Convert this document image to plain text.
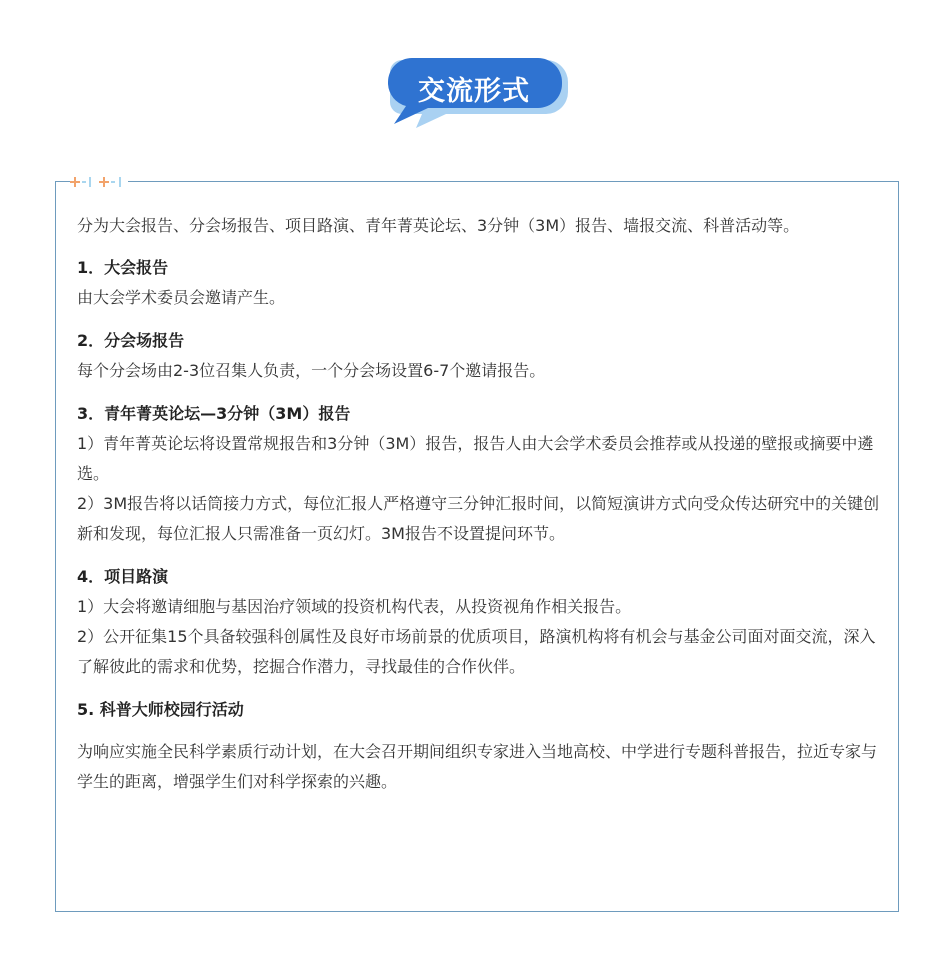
交流形式

分为大会报告、分会场报告、项目路演、青年菁英论坛、3分钟（3M）报告、墙报交流、科普活动等。

1．大会报告

由大会学术委员会邀请产生。

2．分会场报告

每个分会场由2-3位召集人负责，一个分会场设置6-7个邀请报告。

3．青年菁英论坛—3分钟（3M）报告

1）青年菁英论坛将设置常规报告和3分钟（3M）报告，报告人由大会学术委员会推荐或从投递的壁报或摘要中遴选。

2）3M报告将以话筒接力方式，每位汇报人严格遵守三分钟汇报时间，以简短演讲方式向受众传达研究中的关键创新和发现，每位汇报人只需准备一页幻灯。3M报告不设置提问环节。

4．项目路演

1）大会将邀请细胞与基因治疗领域的投资机构代表，从投资视角作相关报告。

2）公开征集15个具备较强科创属性及良好市场前景的优质项目，路演机构将有机会与基金公司面对面交流，深入了解彼此的需求和优势，挖掘合作潜力，寻找最佳的合作伙伴。

5. 科普大师校园行活动

为响应实施全民科学素质行动计划，在大会召开期间组织专家进入当地高校、中学进行专题科普报告，拉近专家与学生的距离，增强学生们对科学探索的兴趣。
